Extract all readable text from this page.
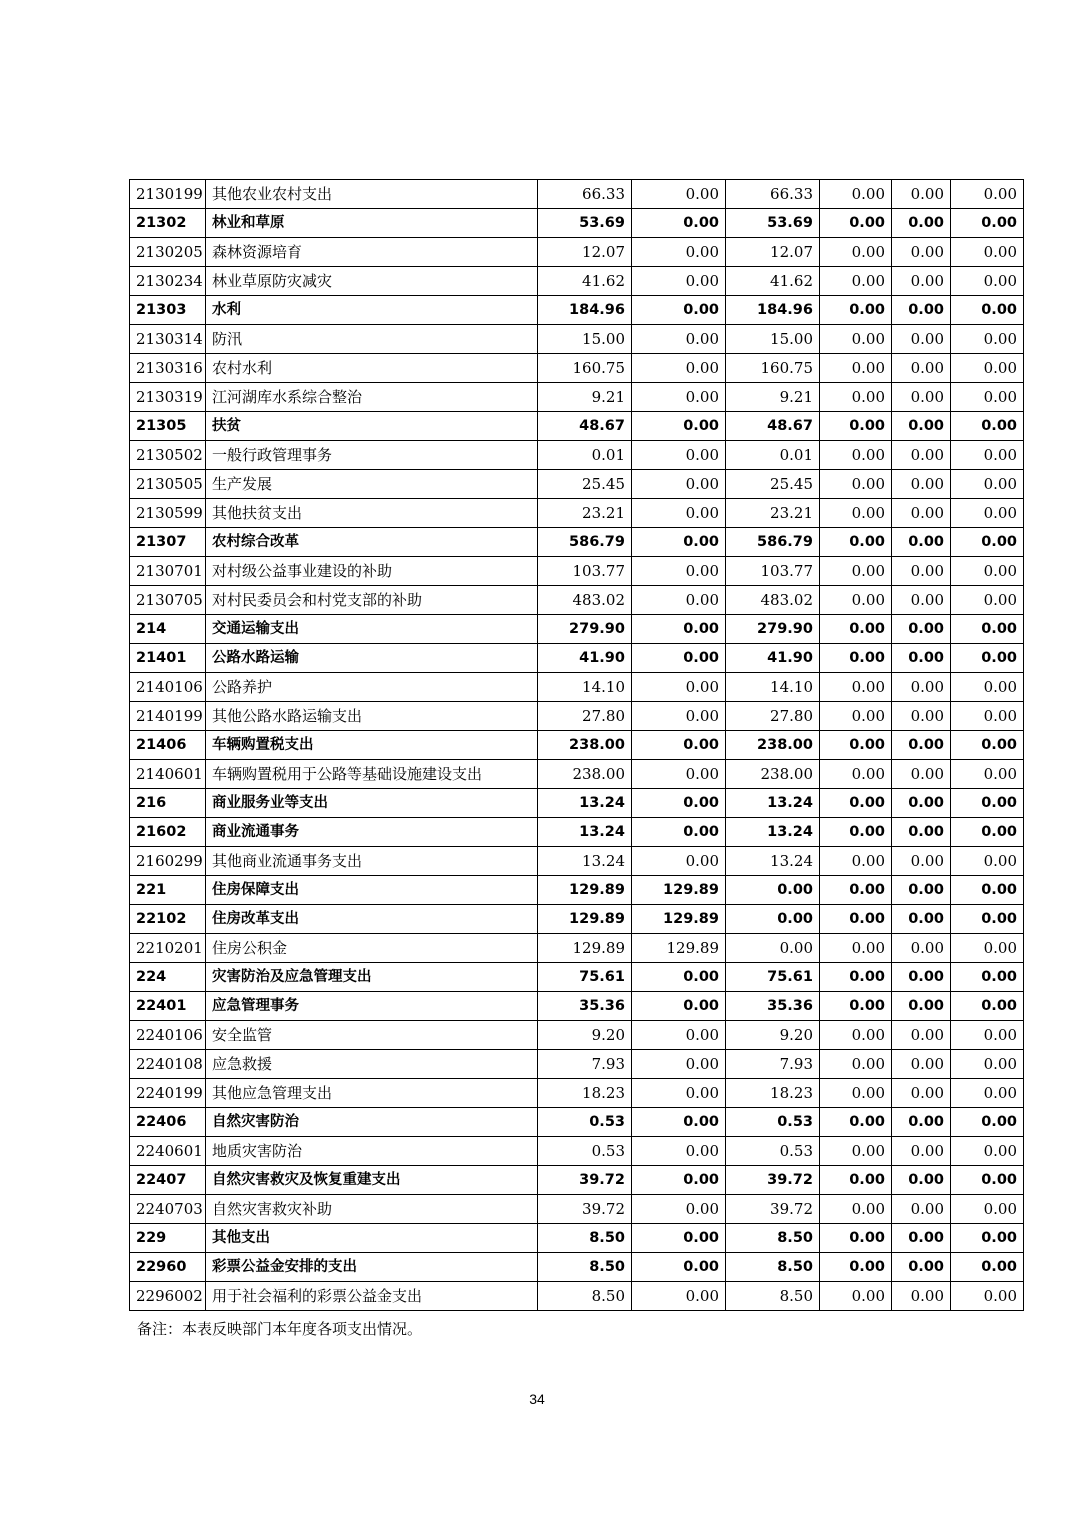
2130199	其他农业农村支出	66.33	0.00	66.33	0.00	0.00	0.00
21302	林业和草原	53.69	0.00	53.69	0.00	0.00	0.00
2130205	森林资源培育	12.07	0.00	12.07	0.00	0.00	0.00
2130234	林业草原防灾减灾	41.62	0.00	41.62	0.00	0.00	0.00
21303	水利	184.96	0.00	184.96	0.00	0.00	0.00
2130314	防汛	15.00	0.00	15.00	0.00	0.00	0.00
2130316	农村水利	160.75	0.00	160.75	0.00	0.00	0.00
2130319	江河湖库水系综合整治	9.21	0.00	9.21	0.00	0.00	0.00
21305	扶贫	48.67	0.00	48.67	0.00	0.00	0.00
2130502	一般行政管理事务	0.01	0.00	0.01	0.00	0.00	0.00
2130505	生产发展	25.45	0.00	25.45	0.00	0.00	0.00
2130599	其他扶贫支出	23.21	0.00	23.21	0.00	0.00	0.00
21307	农村综合改革	586.79	0.00	586.79	0.00	0.00	0.00
2130701	对村级公益事业建设的补助	103.77	0.00	103.77	0.00	0.00	0.00
2130705	对村民委员会和村党支部的补助	483.02	0.00	483.02	0.00	0.00	0.00
214	交通运输支出	279.90	0.00	279.90	0.00	0.00	0.00
21401	公路水路运输	41.90	0.00	41.90	0.00	0.00	0.00
2140106	公路养护	14.10	0.00	14.10	0.00	0.00	0.00
2140199	其他公路水路运输支出	27.80	0.00	27.80	0.00	0.00	0.00
21406	车辆购置税支出	238.00	0.00	238.00	0.00	0.00	0.00
2140601	车辆购置税用于公路等基础设施建设支出	238.00	0.00	238.00	0.00	0.00	0.00
216	商业服务业等支出	13.24	0.00	13.24	0.00	0.00	0.00
21602	商业流通事务	13.24	0.00	13.24	0.00	0.00	0.00
2160299	其他商业流通事务支出	13.24	0.00	13.24	0.00	0.00	0.00
221	住房保障支出	129.89	129.89	0.00	0.00	0.00	0.00
22102	住房改革支出	129.89	129.89	0.00	0.00	0.00	0.00
2210201	住房公积金	129.89	129.89	0.00	0.00	0.00	0.00
224	灾害防治及应急管理支出	75.61	0.00	75.61	0.00	0.00	0.00
22401	应急管理事务	35.36	0.00	35.36	0.00	0.00	0.00
2240106	安全监管	9.20	0.00	9.20	0.00	0.00	0.00
2240108	应急救援	7.93	0.00	7.93	0.00	0.00	0.00
2240199	其他应急管理支出	18.23	0.00	18.23	0.00	0.00	0.00
22406	自然灾害防治	0.53	0.00	0.53	0.00	0.00	0.00
2240601	地质灾害防治	0.53	0.00	0.53	0.00	0.00	0.00
22407	自然灾害救灾及恢复重建支出	39.72	0.00	39.72	0.00	0.00	0.00
2240703	自然灾害救灾补助	39.72	0.00	39.72	0.00	0.00	0.00
229	其他支出	8.50	0.00	8.50	0.00	0.00	0.00
22960	彩票公益金安排的支出	8.50	0.00	8.50	0.00	0.00	0.00
2296002	用于社会福利的彩票公益金支出	8.50	0.00	8.50	0.00	0.00	0.00
备注：本表反映部门本年度各项支出情况。
34
